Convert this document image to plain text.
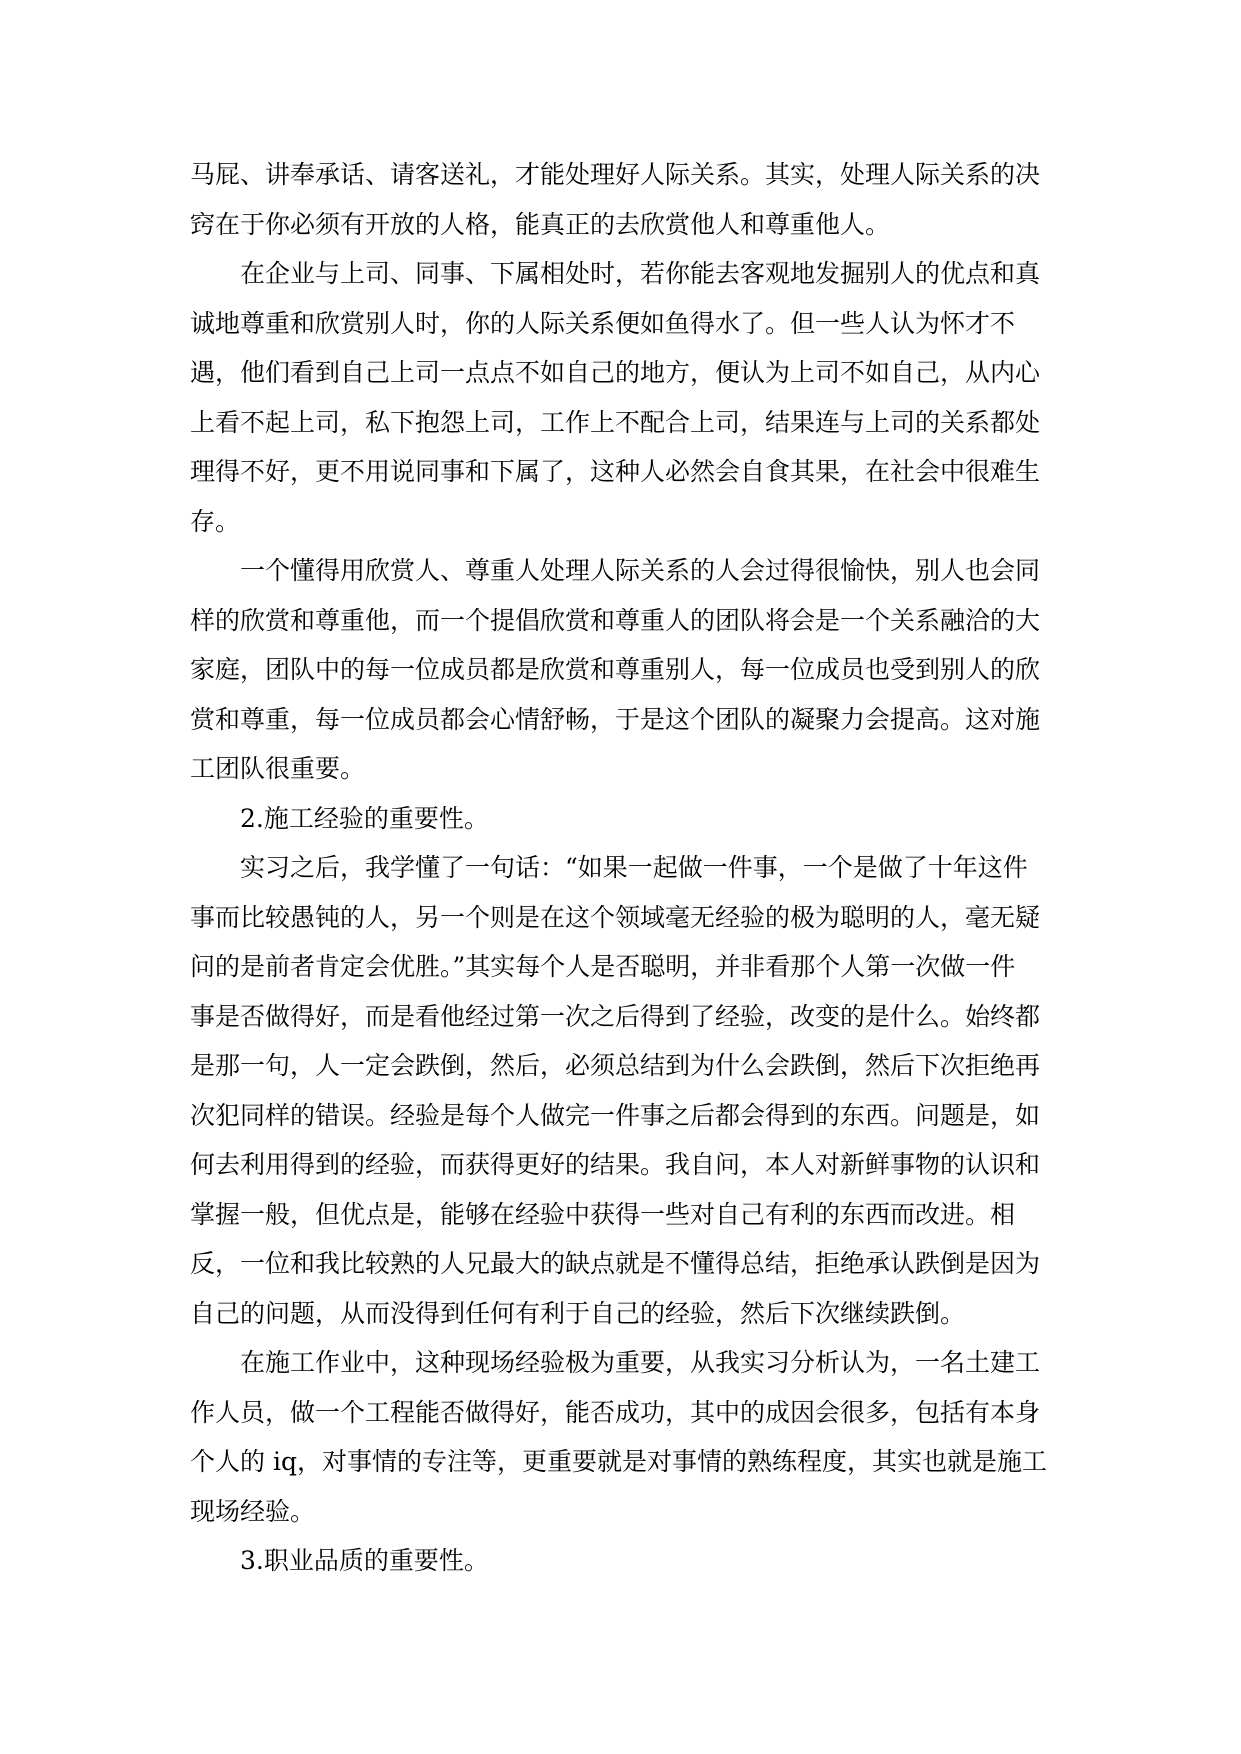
马屁、讲奉承话、请客送礼，才能处理好人际关系。其实，处理人际关系的决
窍在于你必须有开放的人格，能真正的去欣赏他人和尊重他人。
在企业与上司、同事、下属相处时，若你能去客观地发掘别人的优点和真
诚地尊重和欣赏别人时，你的人际关系便如鱼得水了。但一些人认为怀才不
遇，他们看到自己上司一点点不如自己的地方，便认为上司不如自己，从内心
上看不起上司，私下抱怨上司，工作上不配合上司，结果连与上司的关系都处
理得不好，更不用说同事和下属了，这种人必然会自食其果，在社会中很难生
存。
一个懂得用欣赏人、尊重人处理人际关系的人会过得很愉快，别人也会同
样的欣赏和尊重他，而一个提倡欣赏和尊重人的团队将会是一个关系融洽的大
家庭，团队中的每一位成员都是欣赏和尊重别人，每一位成员也受到别人的欣
赏和尊重，每一位成员都会心情舒畅，于是这个团队的凝聚力会提高。这对施
工团队很重要。
2.施工经验的重要性。
实习之后，我学懂了一句话：“如果一起做一件事，一个是做了十年这件
事而比较愚钝的人，另一个则是在这个领域毫无经验的极为聪明的人，毫无疑
问的是前者肯定会优胜。”其实每个人是否聪明，并非看那个人第一次做一件
事是否做得好，而是看他经过第一次之后得到了经验，改变的是什么。始终都
是那一句，人一定会跌倒，然后，必须总结到为什么会跌倒，然后下次拒绝再
次犯同样的错误。经验是每个人做完一件事之后都会得到的东西。问题是，如
何去利用得到的经验，而获得更好的结果。我自问，本人对新鲜事物的认识和
掌握一般，但优点是，能够在经验中获得一些对自己有利的东西而改进。相
反，一位和我比较熟的人兄最大的缺点就是不懂得总结，拒绝承认跌倒是因为
自己的问题，从而没得到任何有利于自己的经验，然后下次继续跌倒。
在施工作业中，这种现场经验极为重要，从我实习分析认为，一名土建工
作人员，做一个工程能否做得好，能否成功，其中的成因会很多，包括有本身
个人的 iq，对事情的专注等，更重要就是对事情的熟练程度，其实也就是施工
现场经验。
3.职业品质的重要性。
